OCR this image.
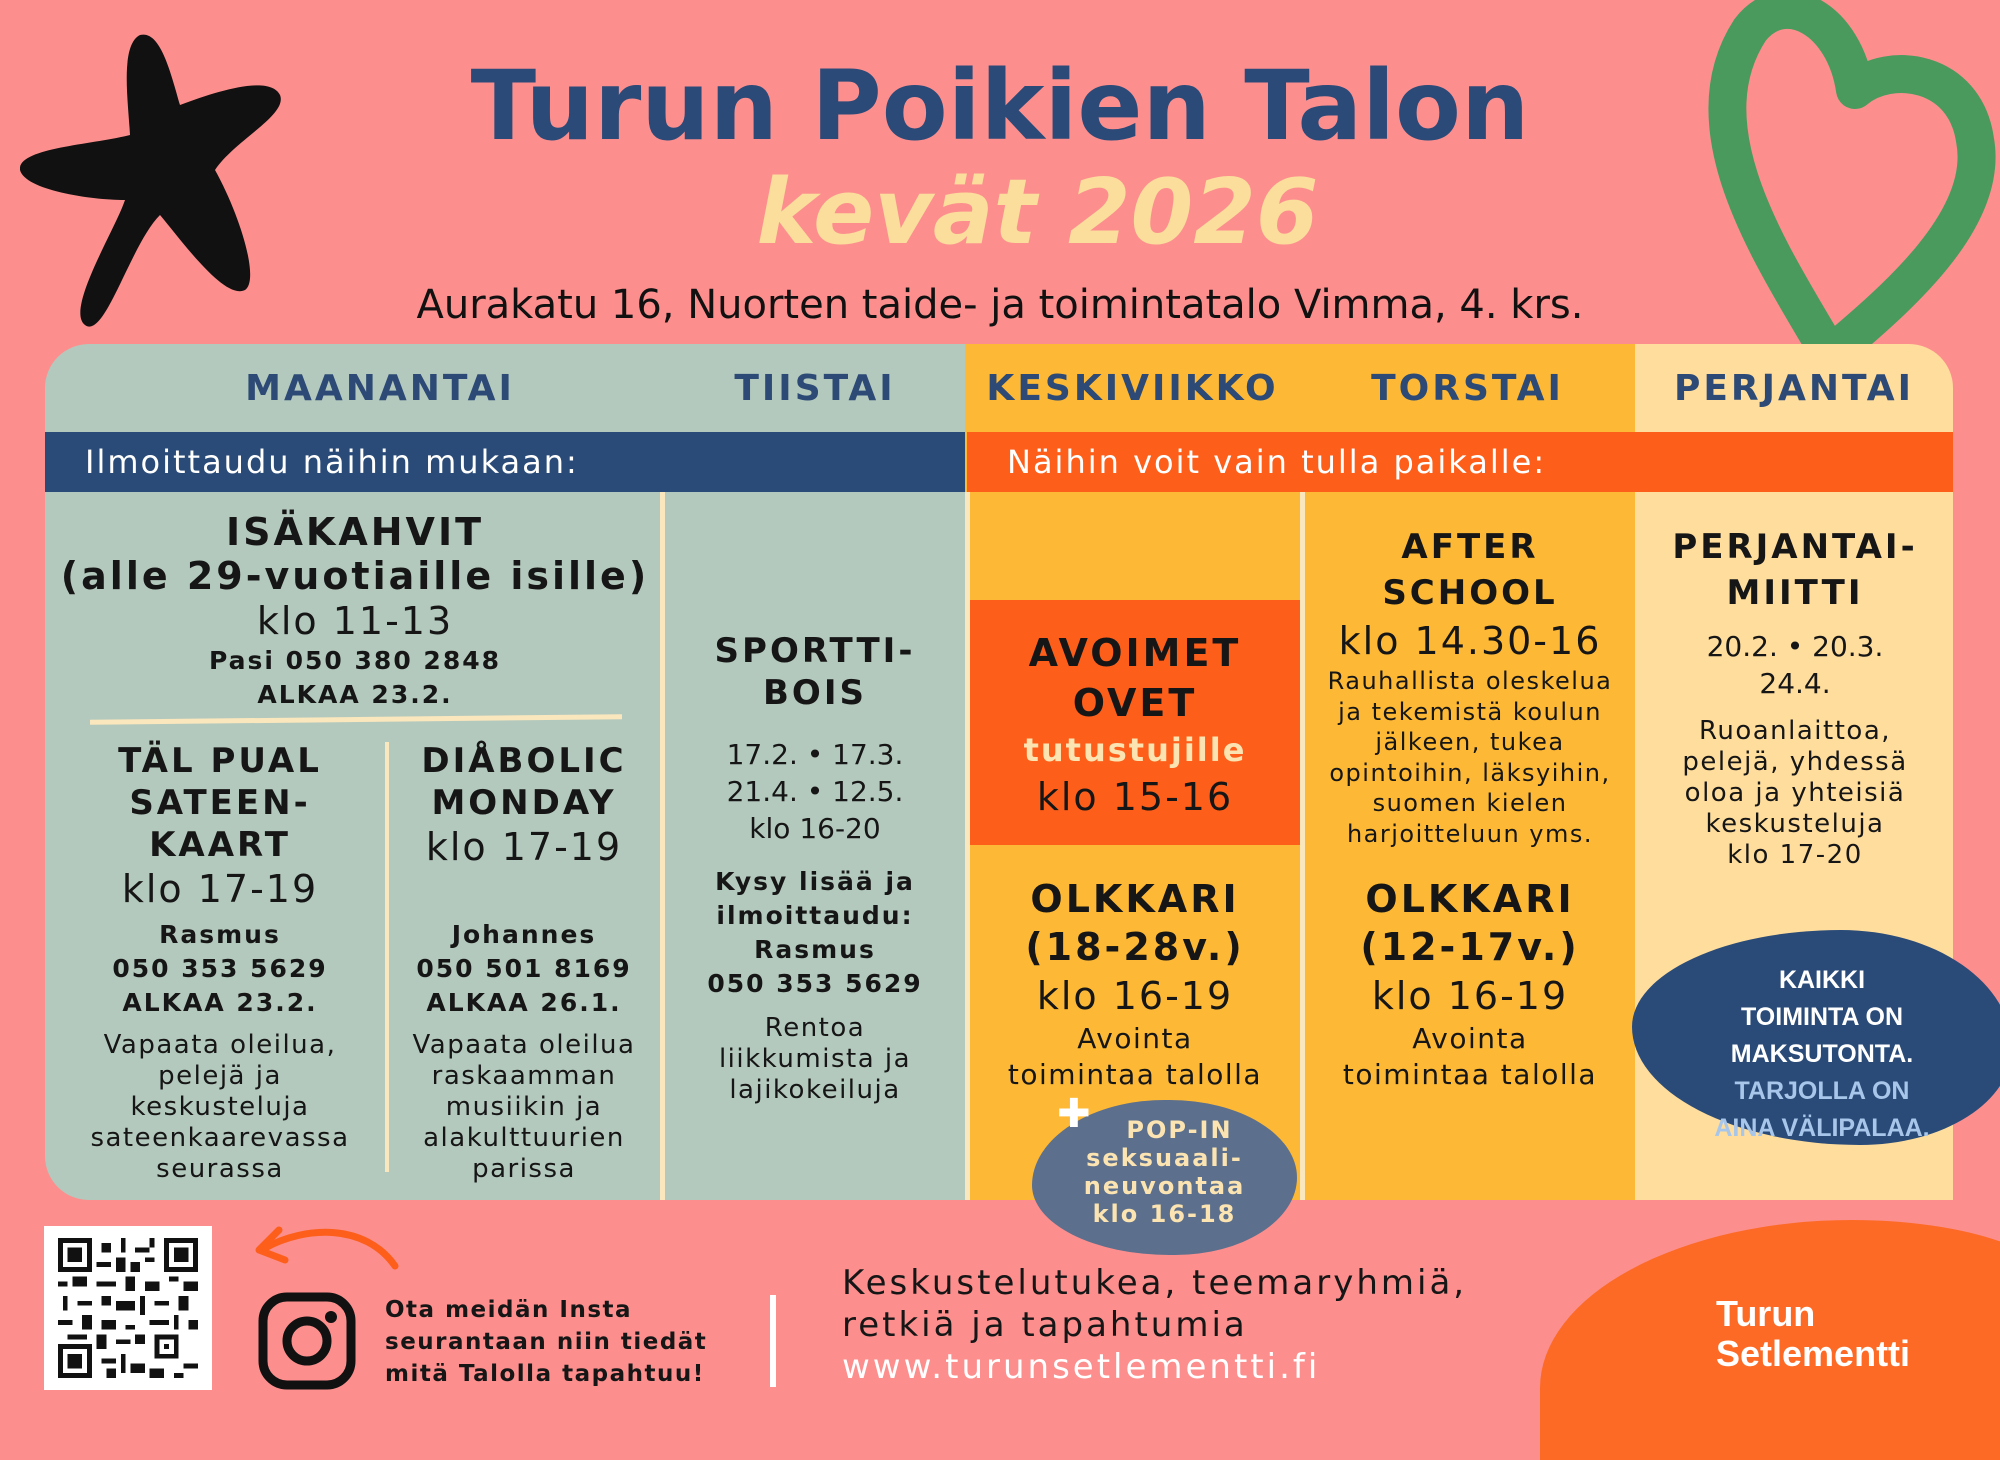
Turun Poikien Talon
kevät 2026
Aurakatu 16, Nuorten taide- ja toimintatalo Vimma, 4. krs.
MAANANTAI	TIISTAI	KESKIVIIKKO	TORSTAI	PERJANTAI
Ilmoittaudu näihin mukaan:	Näihin voit vain tulla paikalle:
ISÄKAHVIT
(alle 29-vuotiaille isille)
klo 11-13
Pasi 050 380 2848
ALKAA 23.2.
TÄL PUAL
SATEEN-
KAART
klo 17-19
Rasmus
050 353 5629
ALKAA 23.2.
Vapaata oleilua,
pelejä ja
keskusteluja
sateenkaarevassa
seurassa
DIÅBOLIC
MONDAY
klo 17-19
Johannes
050 501 8169
ALKAA 26.1.
Vapaata oleilua
raskaamman
musiikin ja
alakulttuurien
parissa
SPORTTI-
BOIS
17.2. • 17.3.
21.4. • 12.5.
klo 16-20
Kysy lisää ja
ilmoittaudu:
Rasmus
050 353 5629
Rentoa
liikkumista ja
lajikokeiluja
AVOIMET
OVET
tutustujille
klo 15-16
OLKKARI
(18-28v.)
klo 16-19
Avointa
toimintaa talolla
✚	POP-IN
seksuaali-
neuvontaa
klo 16-18
AFTER
SCHOOL
klo 14.30-16
Rauhallista oleskelua
ja tekemistä koulun
jälkeen, tukea
opintoihin, läksyihin,
suomen kielen
harjoitteluun yms.
OLKKARI
(12-17v.)
klo 16-19
Avointa
toimintaa talolla
PERJANTAI-
MIITTI
20.2. • 20.3.
24.4.
Ruoanlaittoa,
pelejä, yhdessä
oloa ja yhteisiä
keskusteluja
klo 17-20
KAIKKI
TOIMINTA ON
MAKSUTONTA.
TARJOLLA ON
AINA VÄLIPALAA.
Ota meidän Insta
seurantaan niin tiedät
mitä Talolla tapahtuu!
Keskustelutukea, teemaryhmiä,
retkiä ja tapahtumia
www.turunsetlementti.fi
Turun
Setlementti
